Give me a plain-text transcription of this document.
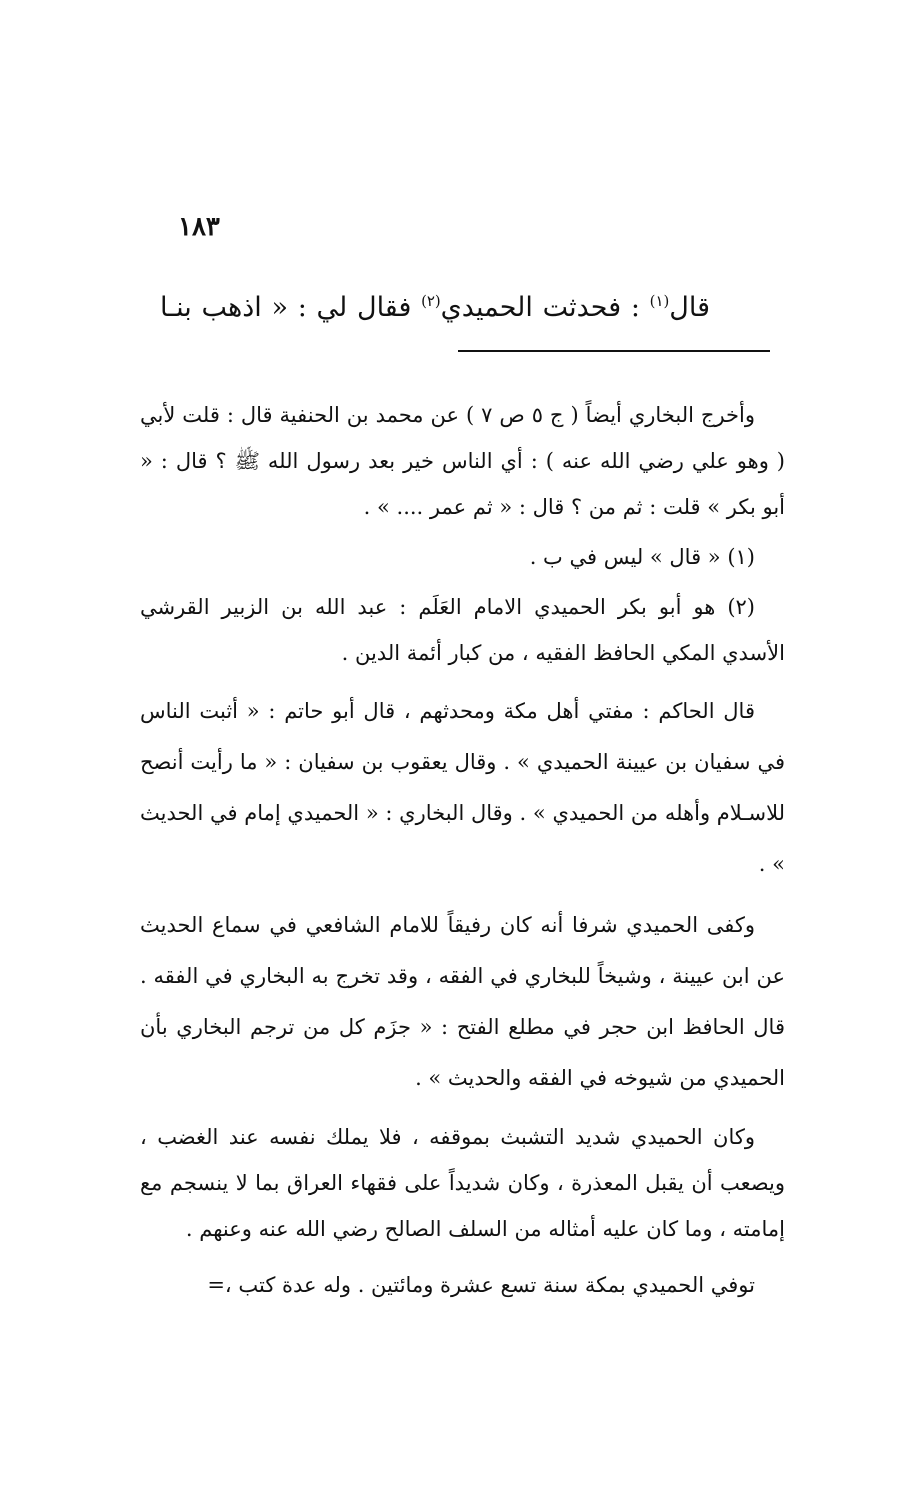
١٨٣
قال$^{(١)}$ : فحدثت الحميدي$^{(٢)}$ فقال لي : « اذهب بنـا

وأخرج البخاري أيضاً ( ج ٥ ص ٧ ) عن محمد بن الحنفية قال : قلت لأبي ( وهو علي رضي الله عنه ) : أي الناس خير بعد رسول الله ﷺ ؟ قال : « أبو بكر » قلت : ثم من ؟ قال : « ثم عمر .... » .

(١) « قال » ليس في ب .

(٢) هو أبو بكر الحميدي الامام العَلَم : عبد الله بن الزبير القرشي الأسدي المكي الحافظ الفقيه ، من كبار أئمة الدين .

قال الحاكم : مفتي أهل مكة ومحدثهم ، قال أبو حاتم : « أثبت الناس في سفيان بن عيينة الحميدي » . وقال يعقوب بن سفيان : « ما رأيت أنصح للاسـلام وأهله من الحميدي » . وقال البخاري : « الحميدي إمام في الحديث » .

وكفى الحميدي شرفا أنه كان رفيقاً للامام الشافعي في سماع الحديث عن ابن عيينة ، وشيخاً للبخاري في الفقه ، وقد تخرج به البخاري في الفقه . قال الحافظ ابن حجر في مطلع الفتح : « جزَم كل من ترجم البخاري بأن الحميدي من شيوخه في الفقه والحديث » .

وكان الحميدي شديد التشبث بموقفه ، فلا يملك نفسه عند الغضب ، ويصعب أن يقبل المعذرة ، وكان شديداً على فقهاء العراق بما لا ينسجم مع إمامته ، وما كان عليه أمثاله من السلف الصالح رضي الله عنه وعنهم .

توفي الحميدي بمكة سنة تسع عشرة ومائتين . وله عدة كتب ،=
